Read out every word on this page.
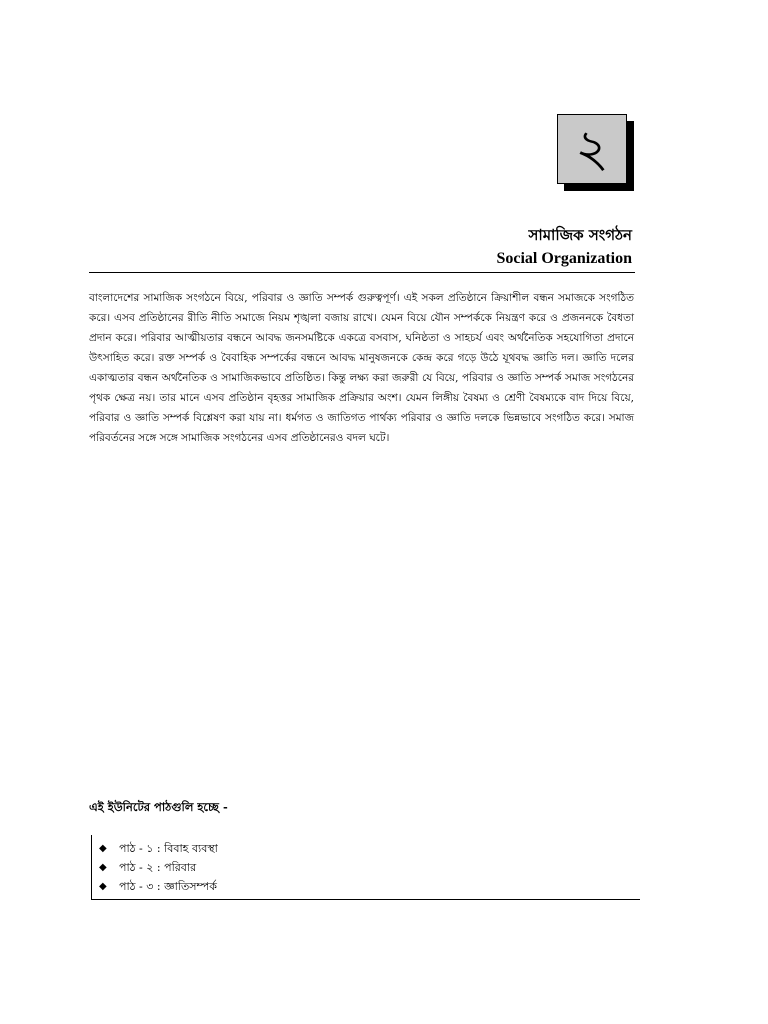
২
সামাজিক সংগঠন
Social Organization

বাংলাদেশের সামাজিক সংগঠনে বিয়ে, পরিবার ও জ্ঞাতি সম্পর্ক গুরুত্বপূর্ণ। এই সকল প্রতিষ্ঠানে ক্রিয়াশীল বন্ধন সমাজকে সংগঠিত করে। এসব প্রতিষ্ঠানের রীতি নীতি সমাজে নিয়ম শৃঙ্খলা বজায় রাখে। যেমন বিয়ে যৌন সম্পর্ককে নিয়ন্ত্রণ করে ও প্রজননকে বৈধতা প্রদান করে। পরিবার আত্মীয়তার বন্ধনে আবদ্ধ জনসমষ্টিকে একত্রে বসবাস, ঘনিষ্ঠতা ও সাহচর্য এবং অর্থনৈতিক সহযোগিতা প্রদানে উৎসাহিত করে। রক্ত সম্পর্ক ও বৈবাহিক সম্পর্কের বন্ধনে আবদ্ধ মানুষজনকে কেন্দ্র করে গড়ে উঠে যূথবদ্ধ জ্ঞাতি দল। জ্ঞাতি দলের একাত্মতার বন্ধন অর্থনৈতিক ও সামাজিকভাবে প্রতিষ্ঠিত। কিন্তু লক্ষ্য করা জরুরী যে বিয়ে, পরিবার ও জ্ঞাতি সম্পর্ক সমাজ সংগঠনের পৃথক ক্ষেত্র নয়। তার মানে এসব প্রতিষ্ঠান বৃহত্তর সামাজিক প্রক্রিয়ার অংশ। যেমন লিঙ্গীয় বৈষম্য ও শ্রেণী বৈষম্যকে বাদ দিয়ে বিয়ে, পরিবার ও জ্ঞাতি সম্পর্ক বিশ্লেষণ করা যায় না। ধর্মগত ও জাতিগত পার্থক্য পরিবার ও জ্ঞাতি দলকে ভিন্নভাবে সংগঠিত করে। সমাজ পরিবর্তনের সঙ্গে সঙ্গে সামাজিক সংগঠনের এসব প্রতিষ্ঠানেরও বদল ঘটে।

এই ইউনিটের পাঠগুলি হচ্ছে -
◆ পাঠ - ১ : বিবাহ ব্যবস্থা
◆ পাঠ - ২ : পরিবার
◆ পাঠ - ৩ : জ্ঞাতিসম্পর্ক
